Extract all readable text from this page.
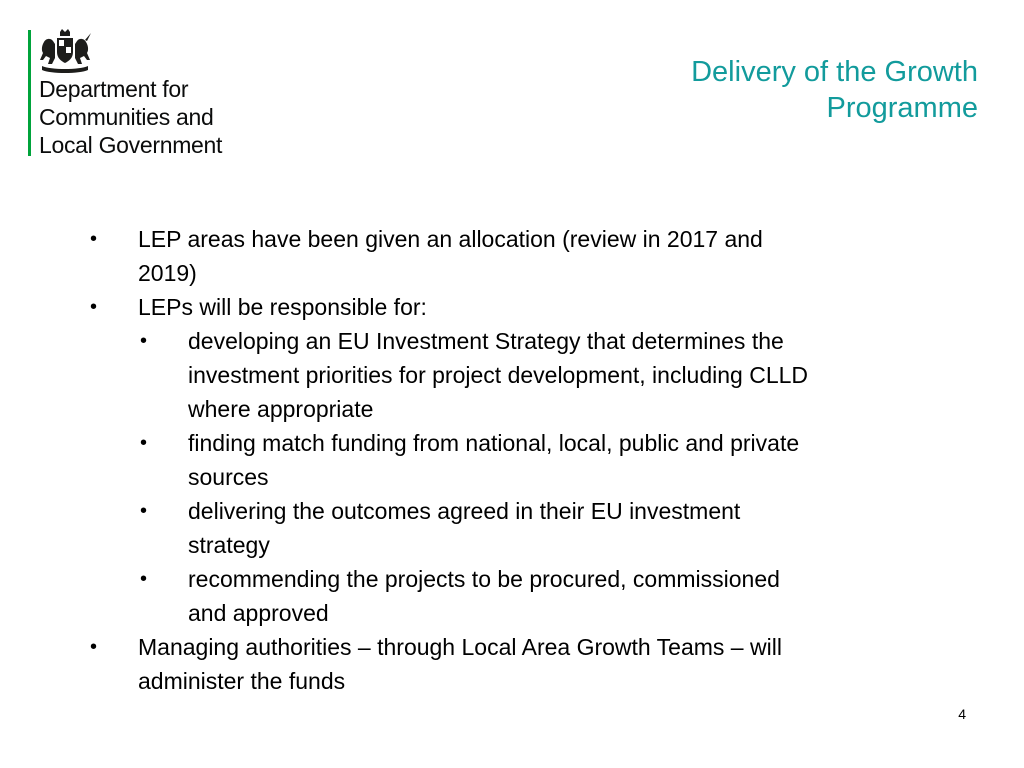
Department for
Communities and
Local Government
Delivery of the Growth
Programme
• LEP areas have been given an allocation (review in 2017 and
2019)
• LEPs will be responsible for:
• developing an EU Investment Strategy that determines the
investment priorities for project development, including CLLD
where appropriate
• finding match funding from national, local, public and private
sources
• delivering the outcomes agreed in their EU investment
strategy
• recommending the projects to be procured, commissioned
and approved
• Managing authorities – through Local Area Growth Teams – will
administer the funds
4
